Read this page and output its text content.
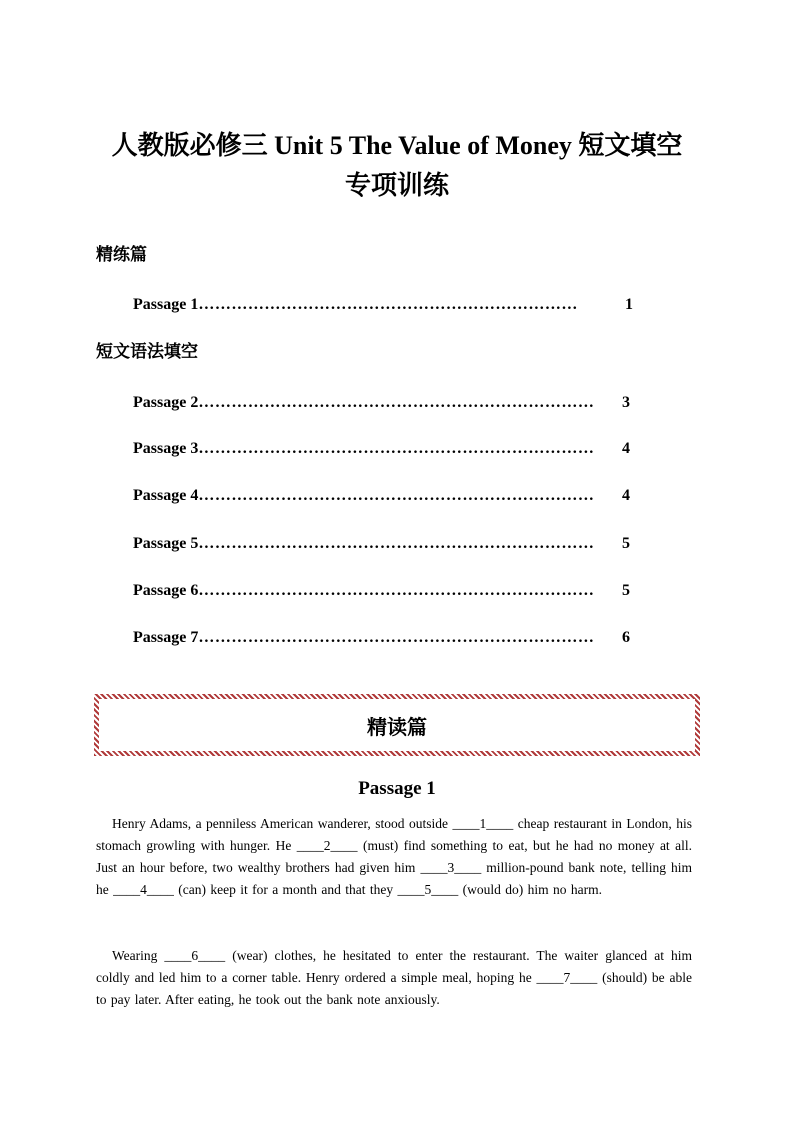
人教版必修三 Unit 5 The Value of Money 短文填空
专项训练
精练篇
Passage 1 ……………………………………………………………	1
短文语法填空
Passage 2 ………………………………………………………………	3
Passage 3 ………………………………………………………………	4
Passage 4 ………………………………………………………………	4
Passage 5 ………………………………………………………………	5
Passage 6 ………………………………………………………………	5
Passage 7 ………………………………………………………………	6
精读篇
Passage 1

Henry Adams, a penniless American wanderer, stood outside ____1____ cheap restaurant in London, his stomach growling with hunger. He ____2____ (must) find something to eat, but he had no money at all. Just an hour before, two wealthy brothers had given him ____3____ million-pound bank note, telling him he ____4____ (can) keep it for a month and that they ____5____ (would do) him no harm.

Wearing ____6____ (wear) clothes, he hesitated to enter the restaurant. The waiter glanced at him coldly and led him to a corner table. Henry ordered a simple meal, hoping he ____7____ (should) be able to pay later. After eating, he took out the bank note anxiously.
